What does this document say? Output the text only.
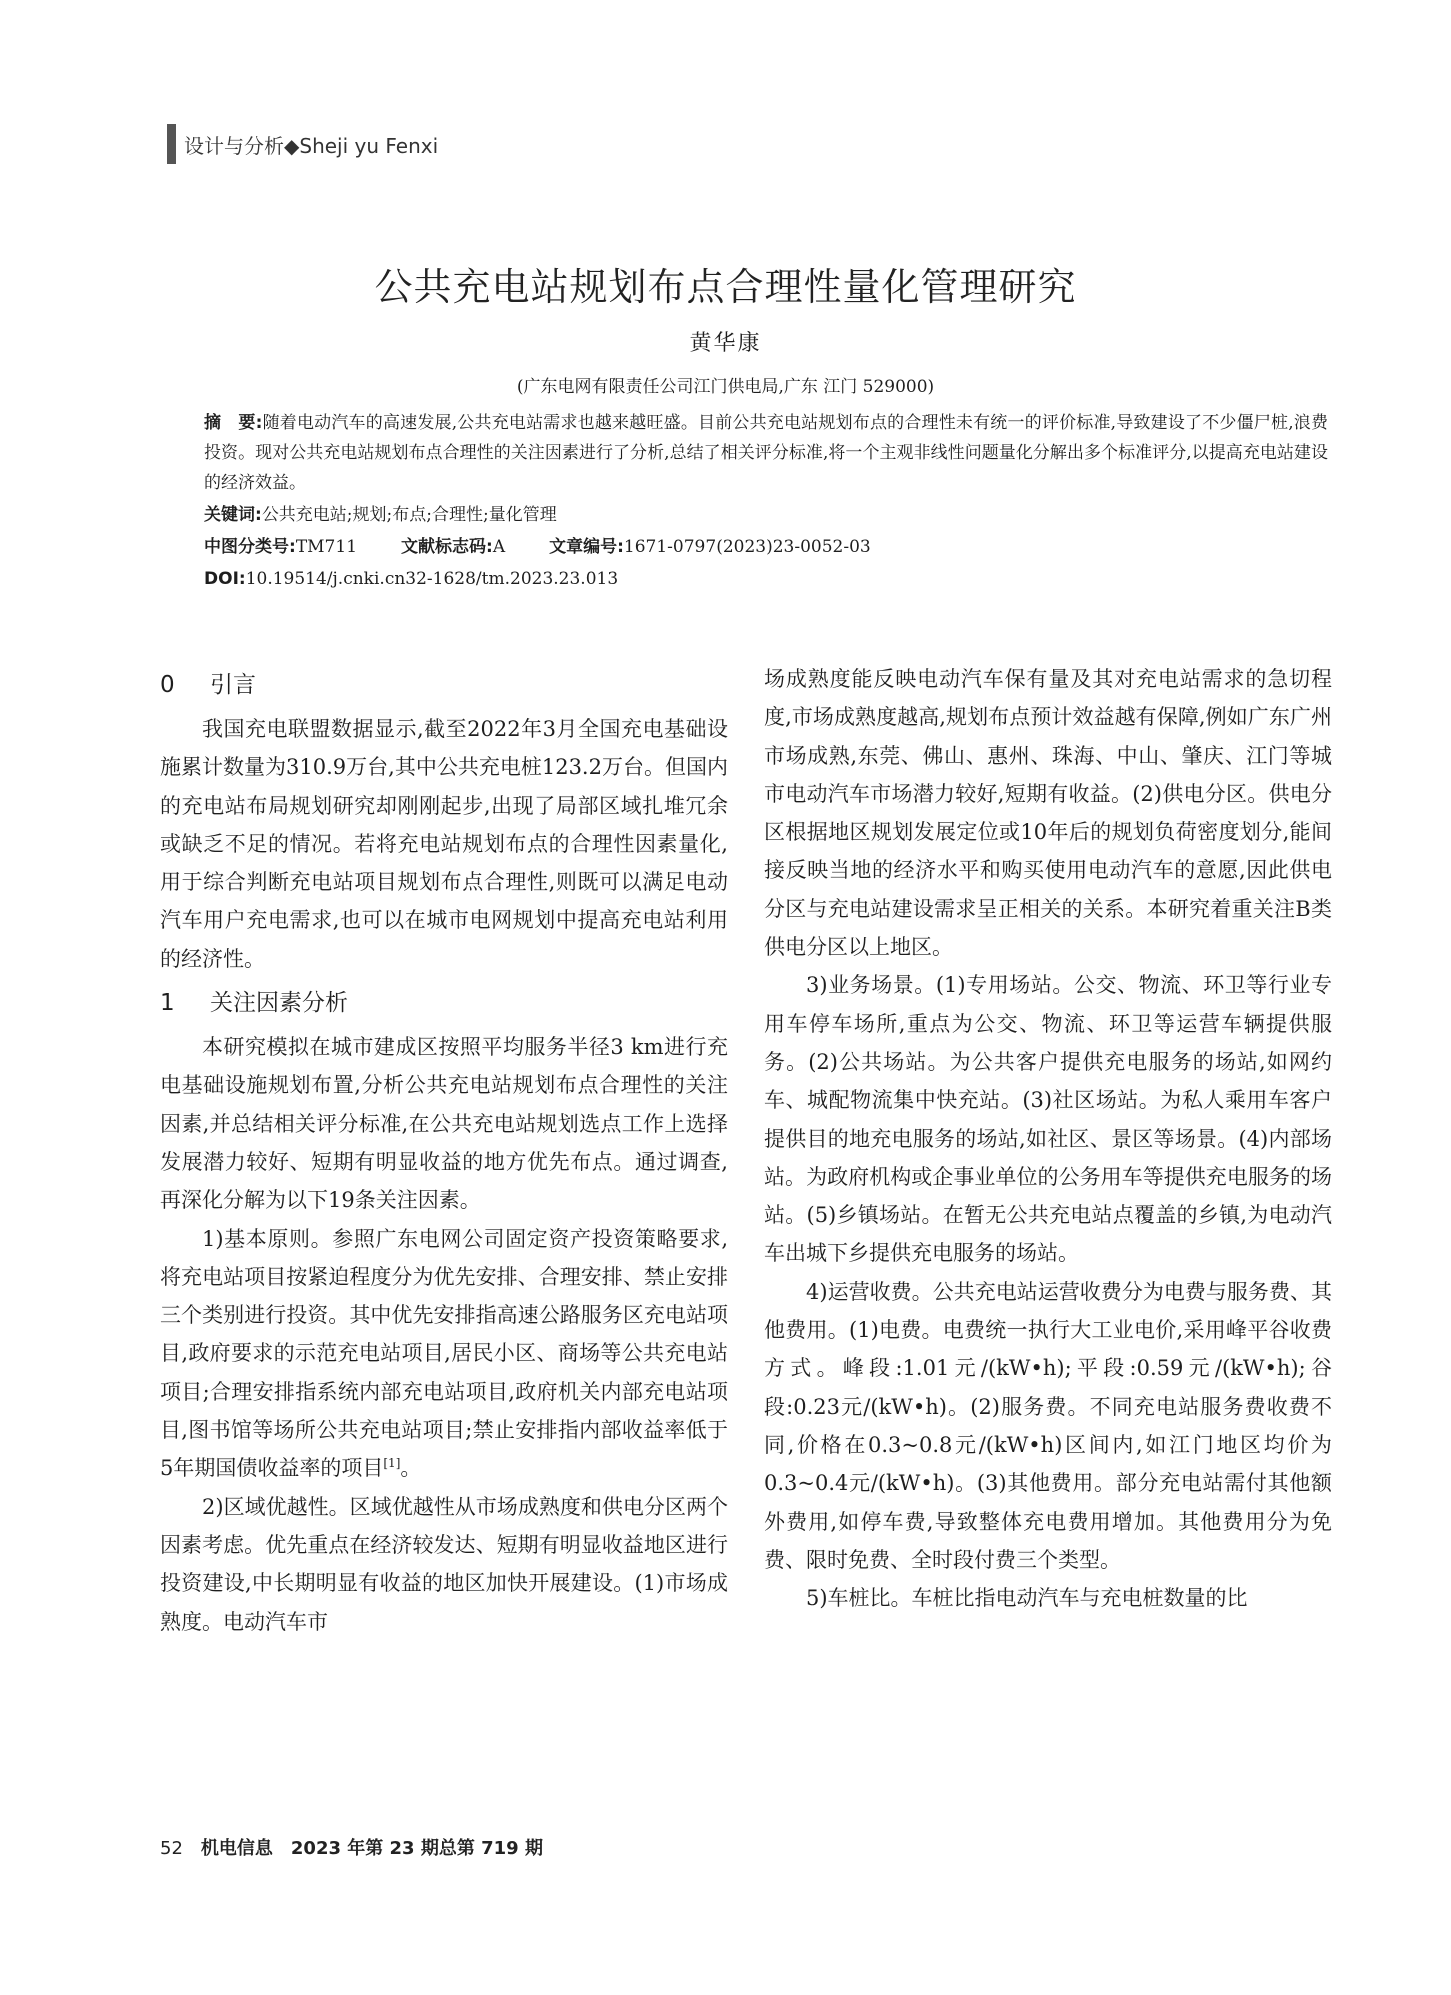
设计与分析◆Sheji yu Fenxi
公共充电站规划布点合理性量化管理研究
黄华康
(广东电网有限责任公司江门供电局,广东 江门 529000)
摘　要:随着电动汽车的高速发展,公共充电站需求也越来越旺盛。目前公共充电站规划布点的合理性未有统一的评价标准,导致建设了不少僵尸桩,浪费投资。现对公共充电站规划布点合理性的关注因素进行了分析,总结了相关评分标准,将一个主观非线性问题量化分解出多个标准评分,以提高充电站建设的经济效益。
关键词:公共充电站;规划;布点;合理性;量化管理
中图分类号:TM711	文献标志码:A	文章编号:1671-0797(2023)23-0052-03
DOI:10.19514/j.cnki.cn32-1628/tm.2023.23.013
0 引言

我国充电联盟数据显示,截至2022年3月全国充电基础设施累计数量为310.9万台,其中公共充电桩123.2万台。但国内的充电站布局规划研究却刚刚起步,出现了局部区域扎堆冗余或缺乏不足的情况。若将充电站规划布点的合理性因素量化,用于综合判断充电站项目规划布点合理性,则既可以满足电动汽车用户充电需求,也可以在城市电网规划中提高充电站利用的经济性。

1 关注因素分析

本研究模拟在城市建成区按照平均服务半径3 km进行充电基础设施规划布置,分析公共充电站规划布点合理性的关注因素,并总结相关评分标准,在公共充电站规划选点工作上选择发展潜力较好、短期有明显收益的地方优先布点。通过调查,再深化分解为以下19条关注因素。

1)基本原则。参照广东电网公司固定资产投资策略要求,将充电站项目按紧迫程度分为优先安排、合理安排、禁止安排三个类别进行投资。其中优先安排指高速公路服务区充电站项目,政府要求的示范充电站项目,居民小区、商场等公共充电站项目;合理安排指系统内部充电站项目,政府机关内部充电站项目,图书馆等场所公共充电站项目;禁止安排指内部收益率低于5年期国债收益率的项目[1]。

2)区域优越性。区域优越性从市场成熟度和供电分区两个因素考虑。优先重点在经济较发达、短期有明显收益地区进行投资建设,中长期明显有收益的地区加快开展建设。(1)市场成熟度。电动汽车市

场成熟度能反映电动汽车保有量及其对充电站需求的急切程度,市场成熟度越高,规划布点预计效益越有保障,例如广东广州市场成熟,东莞、佛山、惠州、珠海、中山、肇庆、江门等城市电动汽车市场潜力较好,短期有收益。(2)供电分区。供电分区根据地区规划发展定位或10年后的规划负荷密度划分,能间接反映当地的经济水平和购买使用电动汽车的意愿,因此供电分区与充电站建设需求呈正相关的关系。本研究着重关注B类供电分区以上地区。

3)业务场景。(1)专用场站。公交、物流、环卫等行业专用车停车场所,重点为公交、物流、环卫等运营车辆提供服务。(2)公共场站。为公共客户提供充电服务的场站,如网约车、城配物流集中快充站。(3)社区场站。为私人乘用车客户提供目的地充电服务的场站,如社区、景区等场景。(4)内部场站。为政府机构或企事业单位的公务用车等提供充电服务的场站。(5)乡镇场站。在暂无公共充电站点覆盖的乡镇,为电动汽车出城下乡提供充电服务的场站。

4)运营收费。公共充电站运营收费分为电费与服务费、其他费用。(1)电费。电费统一执行大工业电价,采用峰平谷收费方式。峰段:1.01元/(kW•h);平段:0.59元/(kW•h);谷段:0.23元/(kW•h)。(2)服务费。不同充电站服务费收费不同,价格在0.3~0.8元/(kW•h)区间内,如江门地区均价为0.3~0.4元/(kW•h)。(3)其他费用。部分充电站需付其他额外费用,如停车费,导致整体充电费用增加。其他费用分为免费、限时免费、全时段付费三个类型。

5)车桩比。车桩比指电动汽车与充电桩数量的比

52 机电信息 2023 年第 23 期总第 719 期
